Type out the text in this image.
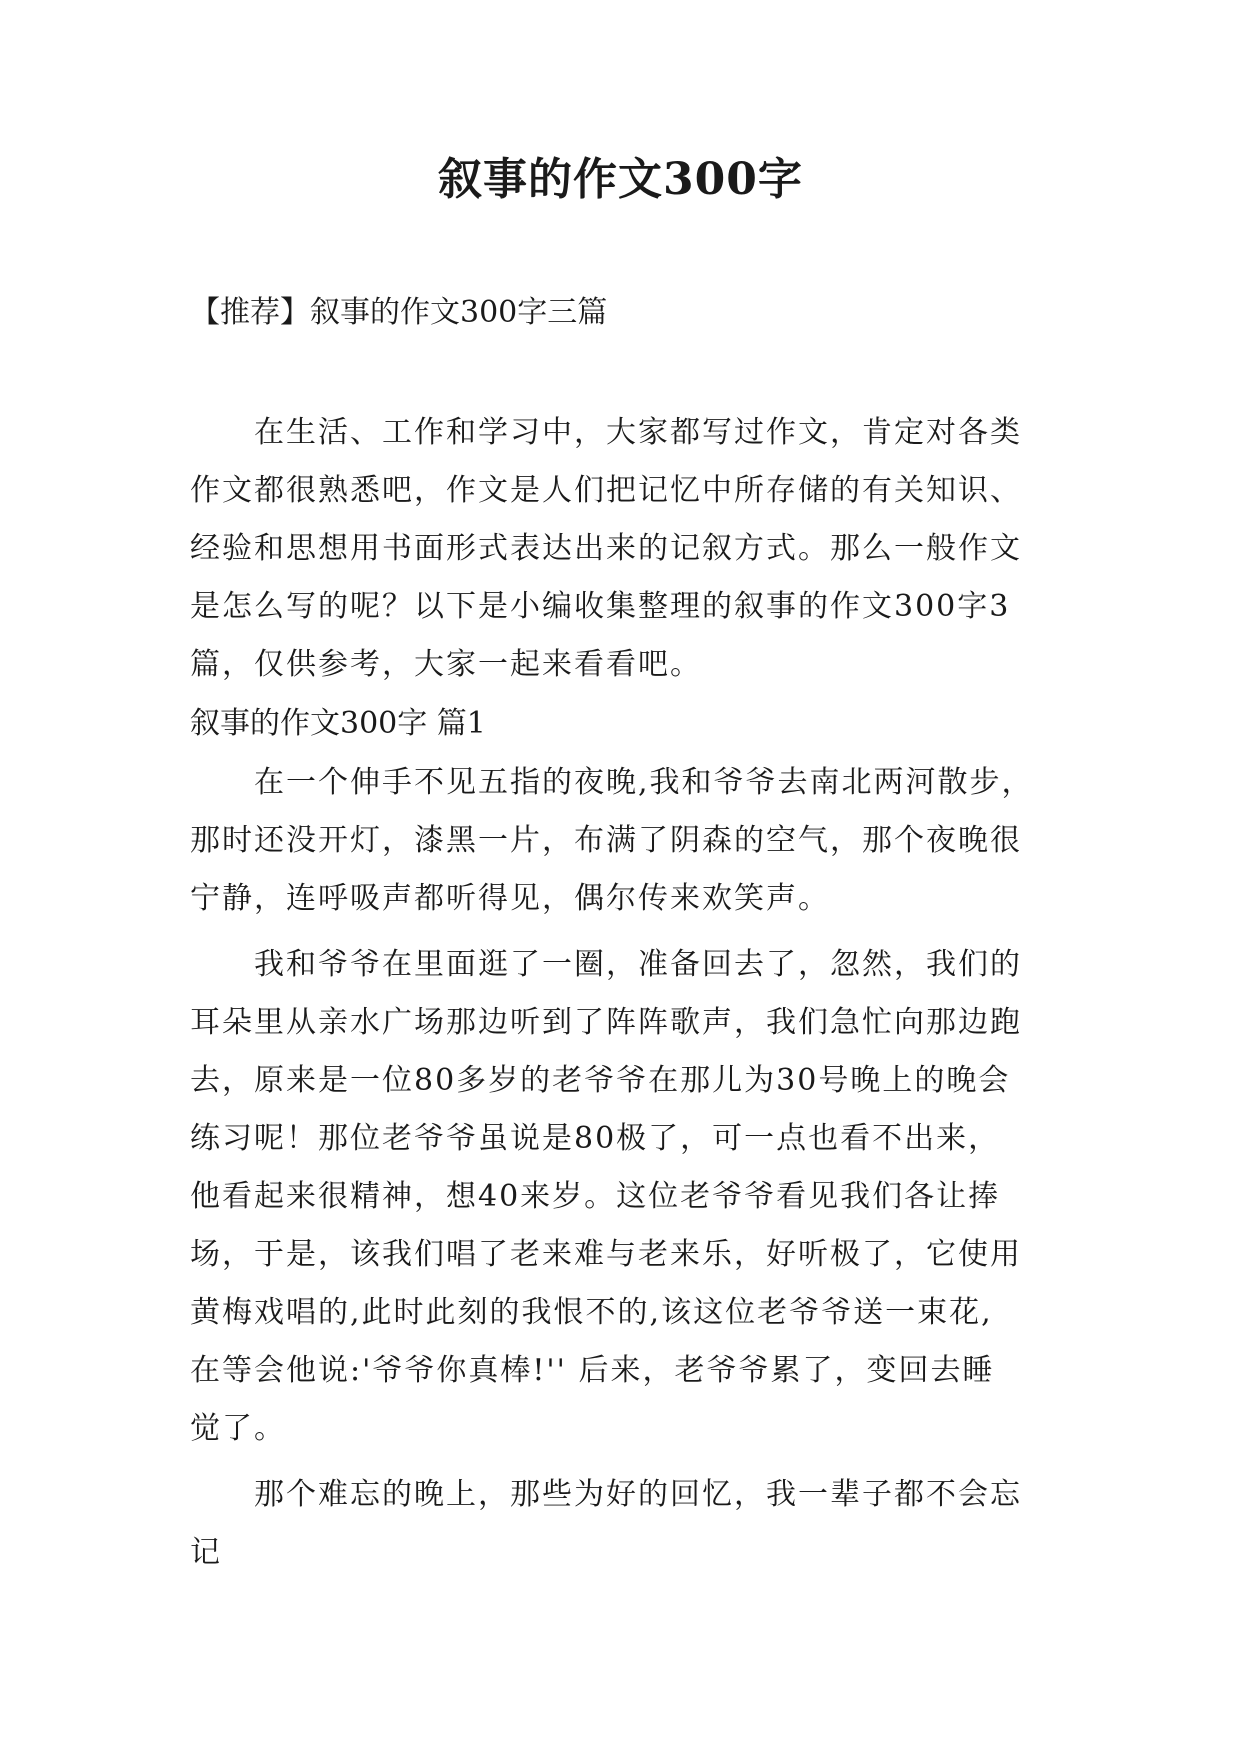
叙事的作文300字
【推荐】叙事的作文300字三篇
在生活、工作和学习中，大家都写过作文，肯定对各类
作文都很熟悉吧，作文是人们把记忆中所存储的有关知识、
经验和思想用书面形式表达出来的记叙方式。那么一般作文
是怎么写的呢？以下是小编收集整理的叙事的作文300字3
篇，仅供参考，大家一起来看看吧。
叙事的作文300字 篇1
在一个伸手不见五指的夜晚,我和爷爷去南北两河散步，
那时还没开灯，漆黑一片，布满了阴森的空气，那个夜晚很
宁静，连呼吸声都听得见，偶尔传来欢笑声。
我和爷爷在里面逛了一圈，准备回去了，忽然，我们的
耳朵里从亲水广场那边听到了阵阵歌声，我们急忙向那边跑
去，原来是一位80多岁的老爷爷在那儿为30号晚上的晚会
练习呢！那位老爷爷虽说是80极了，可一点也看不出来，
他看起来很精神，想40来岁。这位老爷爷看见我们各让捧
场，于是，该我们唱了老来难与老来乐，好听极了，它使用
黄梅戏唱的,此时此刻的我恨不的,该这位老爷爷送一束花,
在等会他说:'爷爷你真棒!'' 后来，老爷爷累了，变回去睡
觉了。
那个难忘的晚上，那些为好的回忆，我一辈子都不会忘
记
